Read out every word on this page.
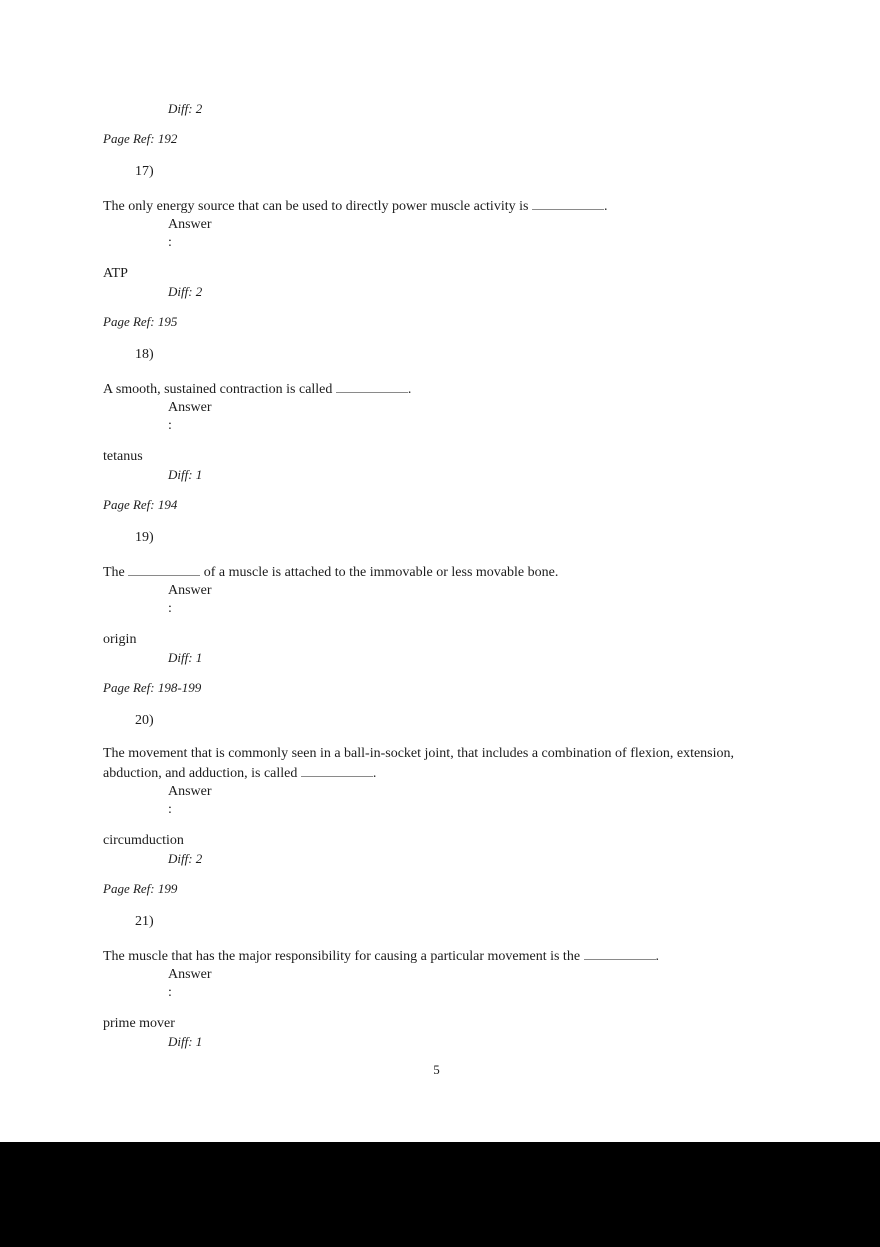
Diff: 2
Page Ref: 192
17)

The only energy source that can be used to directly power muscle activity is	.

Answer
:
ATP
Diff: 2
Page Ref: 195
18)

A smooth, sustained contraction is called	.

Answer
:
tetanus
Diff: 1
Page Ref: 194
19)

The	of a muscle is attached to the immovable or less movable bone.

Answer
:
origin
Diff: 1
Page Ref: 198-199
20)

The movement that is commonly seen in a ball-in-socket joint, that includes a combination of flexion, extension, abduction, and adduction, is called	.

Answer
:
circumduction
Diff: 2
Page Ref: 199
21)

The muscle that has the major responsibility for causing a particular movement is the	.

Answer
:
prime mover
Diff: 1
5
